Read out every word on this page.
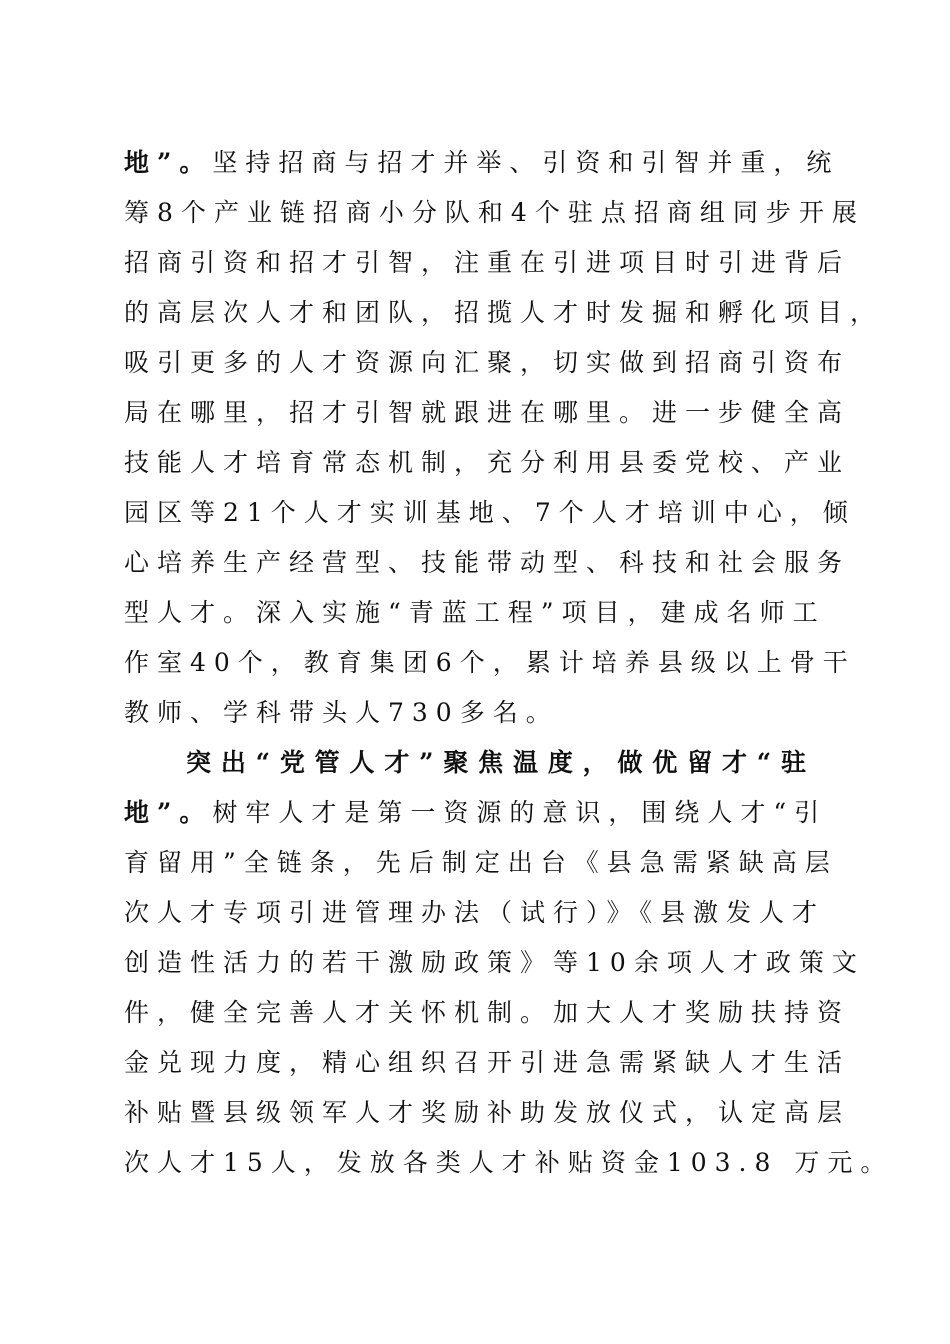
地”。坚持招商与招才并举、引资和引智并重，统
筹8个产业链招商小分队和4个驻点招商组同步开展
招商引资和招才引智，注重在引进项目时引进背后
的高层次人才和团队，招揽人才时发掘和孵化项目，
吸引更多的人才资源向汇聚，切实做到招商引资布
局在哪里，招才引智就跟进在哪里。进一步健全高
技能人才培育常态机制，充分利用县委党校、产业
园区等21个人才实训基地、7个人才培训中心，倾
心培养生产经营型、技能带动型、科技和社会服务
型人才。深入实施“青蓝工程”项目，建成名师工
作室40个，教育集团6个，累计培养县级以上骨干
教师、学科带头人730多名。
突出“党管人才”聚焦温度，做优留才“驻
地”。树牢人才是第一资源的意识，围绕人才“引
育留用”全链条，先后制定出台《县急需紧缺高层
次人才专项引进管理办法（试行）》《县激发人才
创造性活力的若干激励政策》等10余项人才政策文
件，健全完善人才关怀机制。加大人才奖励扶持资
金兑现力度，精心组织召开引进急需紧缺人才生活
补贴暨县级领军人才奖励补助发放仪式，认定高层
次人才15人，发放各类人才补贴资金103.8 万元。
